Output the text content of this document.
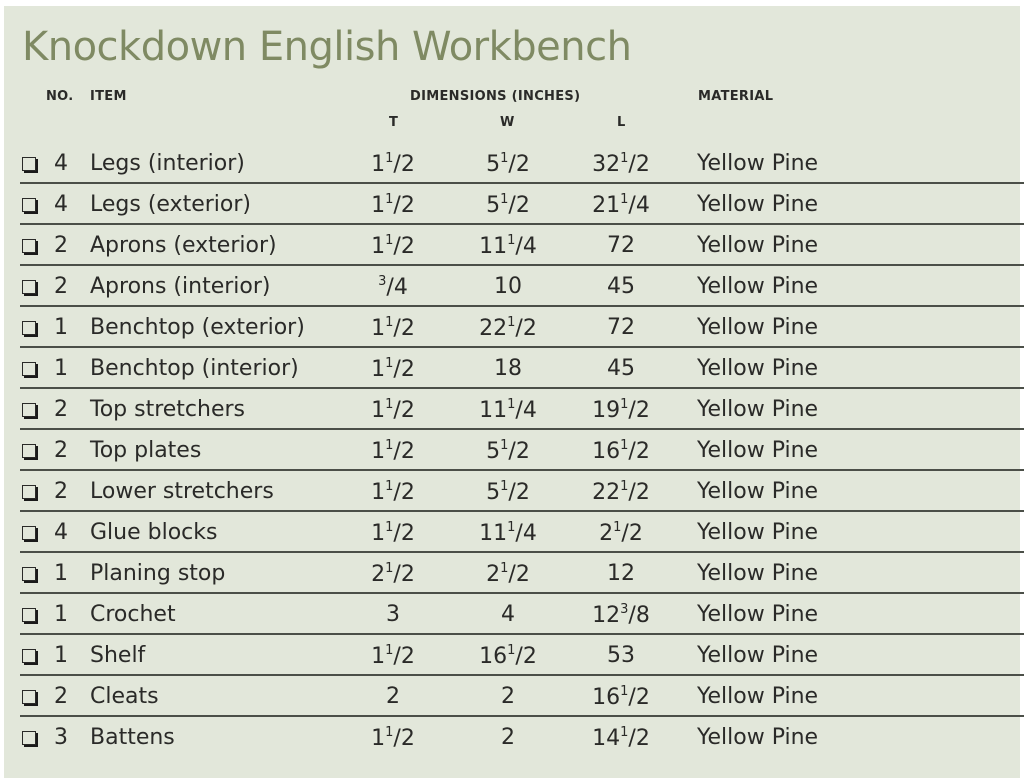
Knockdown English Workbench
NO. ITEM	DIMENSIONS (INCHES)
T	W	L
MATERIAL
4 Legs (interior)	$1^1/2$	$5^1/2$	$32^1/2$	Yellow Pine
4 Legs (exterior)	$1^1/2$	$5^1/2$	$21^1/4$	Yellow Pine
2 Aprons (exterior)	$1^1/2$	$11^1/4$	72	Yellow Pine
2 Aprons (interior)	$^3$/4	10	45	Yellow Pine
1 Benchtop (exterior)	$1^1/2$	$22^1/2$	72	Yellow Pine
1 Benchtop (interior)	$1^1/2$	18	45	Yellow Pine
2 Top stretchers	$1^1/2$	$11^1/4$	$19^1/2$	Yellow Pine
2 Top plates	$1^1/2$	$5^1/2$	$16^1/2$	Yellow Pine
2 Lower stretchers	$1^1/2$	$5^1/2$	$22^1/2$	Yellow Pine
4 Glue blocks	$1^1/2$	$11^1/4$	$2^1/2$	Yellow Pine
1 Planing stop	$2^1/2$	$2^1/2$	12	Yellow Pine
1 Crochet	3	4	$12^3/8$	Yellow Pine
1 Shelf	$1^1/2$	$16^1/2$	53	Yellow Pine
2 Cleats	2	2	$16^1/2$	Yellow Pine
3 Battens	$1^1/2$	2	$14^1/2$	Yellow Pine
